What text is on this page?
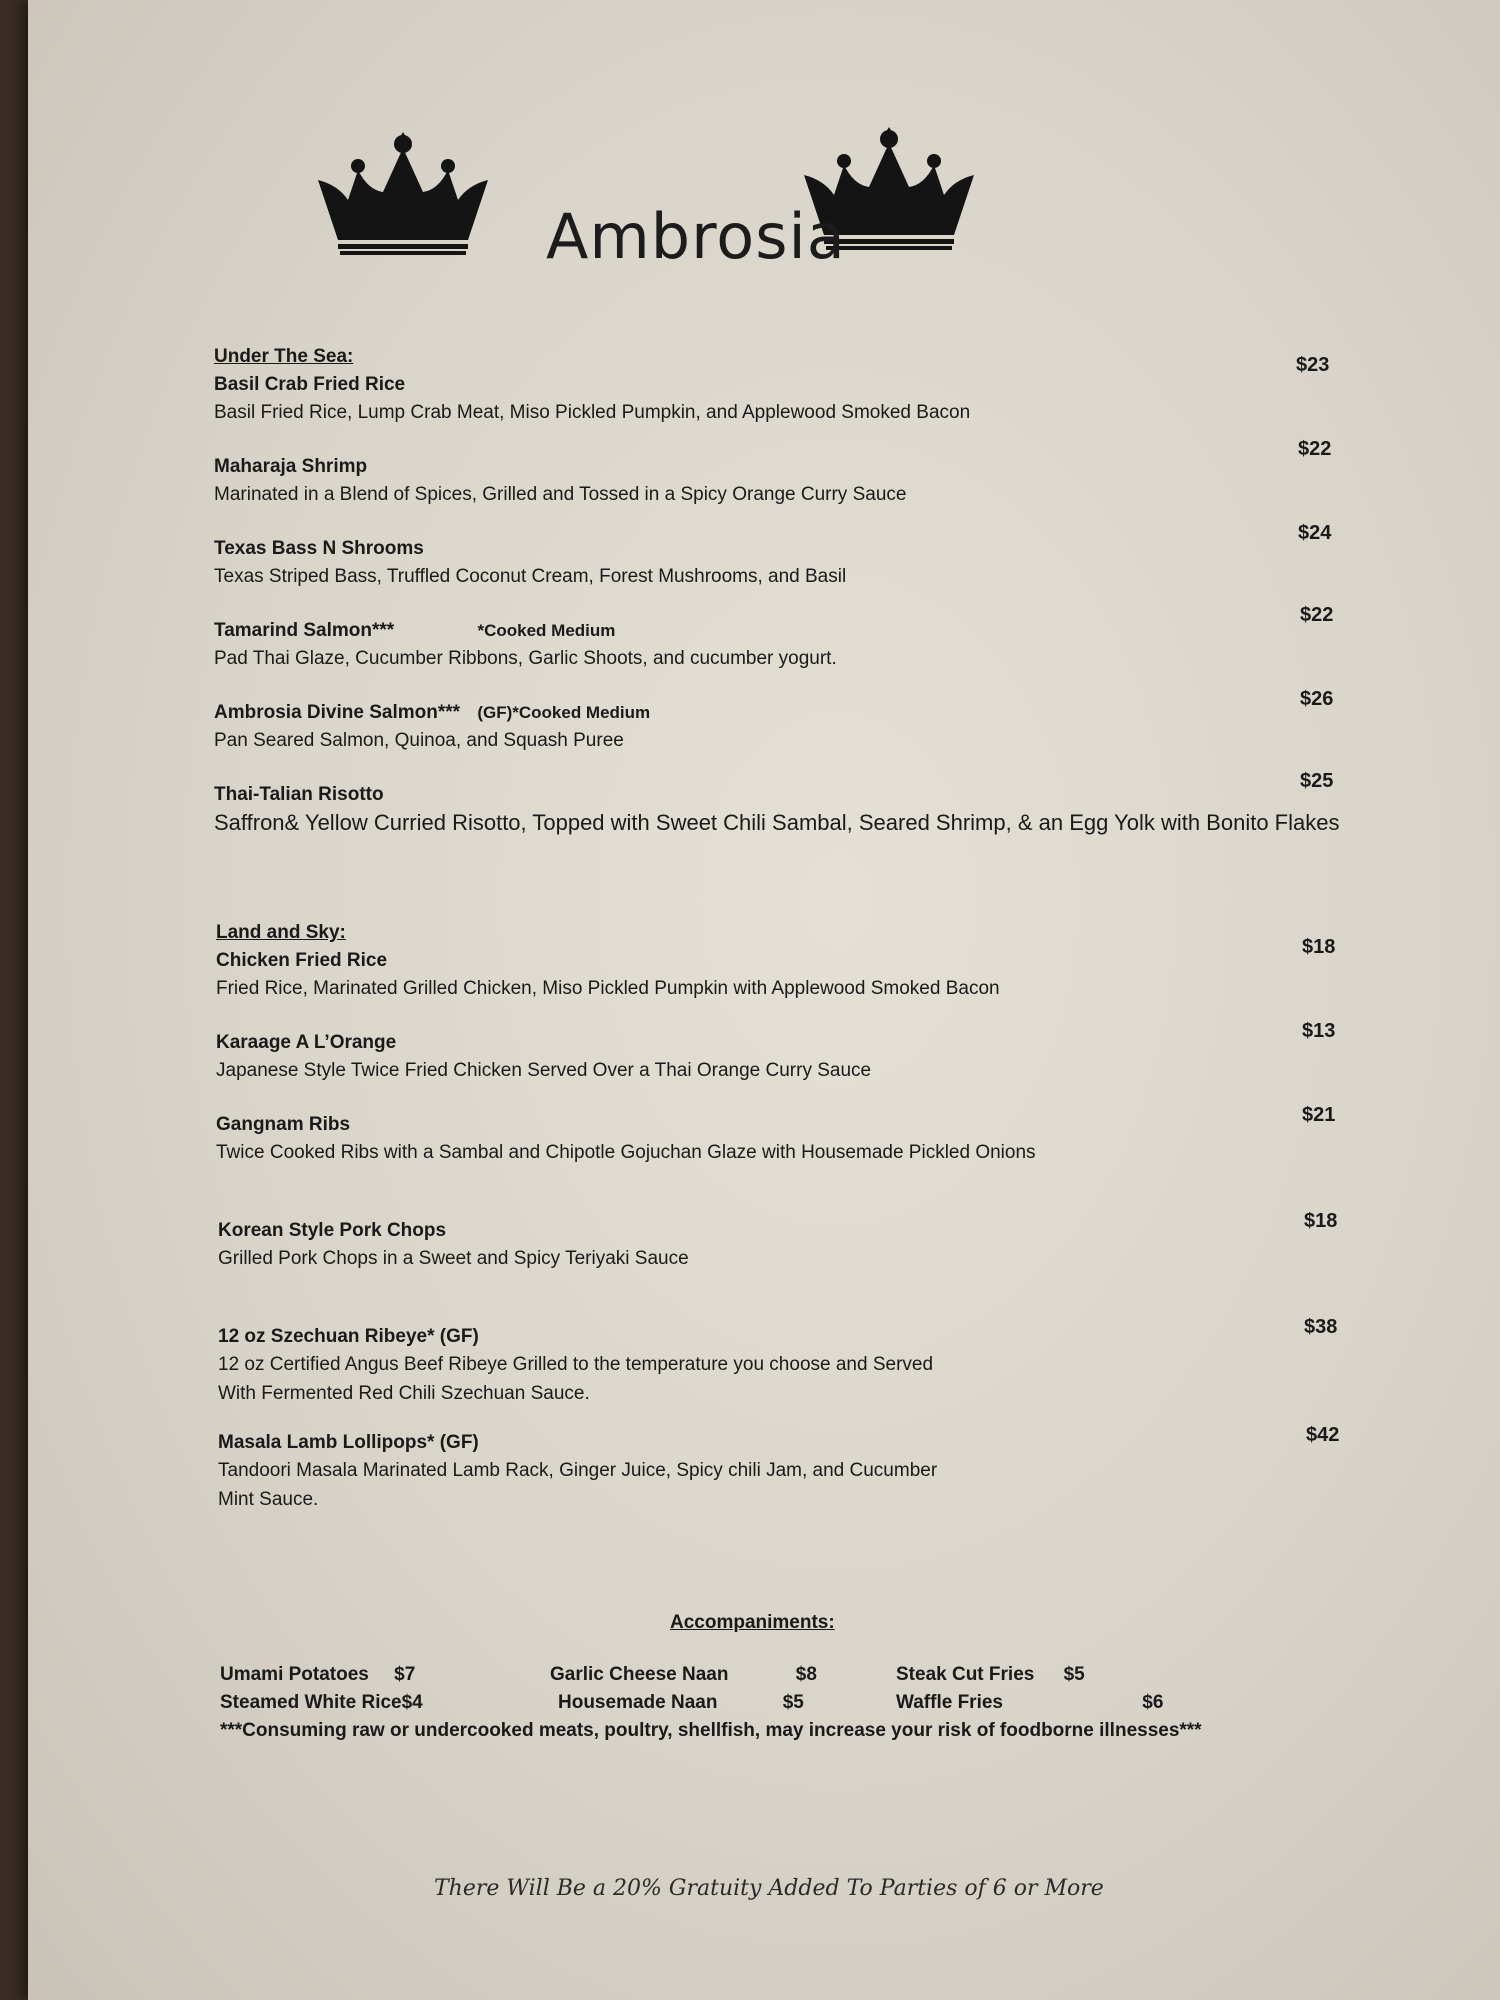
Ambrosia
Under The Sea:
Basil Crab Fried Rice
Basil Fried Rice, Lump Crab Meat, Miso Pickled Pumpkin, and Applewood Smoked Bacon
$23
Maharaja Shrimp
Marinated in a Blend of Spices, Grilled and Tossed in a Spicy Orange Curry Sauce
$22
Texas Bass N Shrooms
Texas Striped Bass, Truffled Coconut Cream, Forest Mushrooms, and Basil
$24
Tamarind Salmon***	*Cooked Medium
Pad Thai Glaze, Cucumber Ribbons, Garlic Shoots, and cucumber yogurt.
$22
Ambrosia Divine Salmon*** (GF)*Cooked Medium
Pan Seared Salmon, Quinoa, and Squash Puree
$26
Thai-Talian Risotto
Saffron& Yellow Curried Risotto, Topped with Sweet Chili Sambal, Seared Shrimp, & an Egg Yolk with Bonito Flakes
$25
Land and Sky:
Chicken Fried Rice
Fried Rice, Marinated Grilled Chicken, Miso Pickled Pumpkin with Applewood Smoked Bacon
$18
Karaage A L’Orange
Japanese Style Twice Fried Chicken Served Over a Thai Orange Curry Sauce
$13
Gangnam Ribs
Twice Cooked Ribs with a Sambal and Chipotle Gojuchan Glaze with Housemade Pickled Onions
$21
Korean Style Pork Chops
Grilled Pork Chops in a Sweet and Spicy Teriyaki Sauce
$18
12 oz Szechuan Ribeye* (GF)
12 oz Certified Angus Beef Ribeye Grilled to the temperature you choose and Served
With Fermented Red Chili Szechuan Sauce.
$38
Masala Lamb Lollipops* (GF)
Tandoori Masala Marinated Lamb Rack, Ginger Juice, Spicy chili Jam, and Cucumber
Mint Sauce.
$42
Accompaniments:
Umami Potatoes $7	Garlic Cheese Naan	$8	Steak Cut Fries $5
Steamed White Rice$4	Housemade Naan	$5	Waffle Fries	$6
***Consuming raw or undercooked meats, poultry, shellfish, may increase your risk of foodborne illnesses***
There Will Be a 20% Gratuity Added To Parties of 6 or More
